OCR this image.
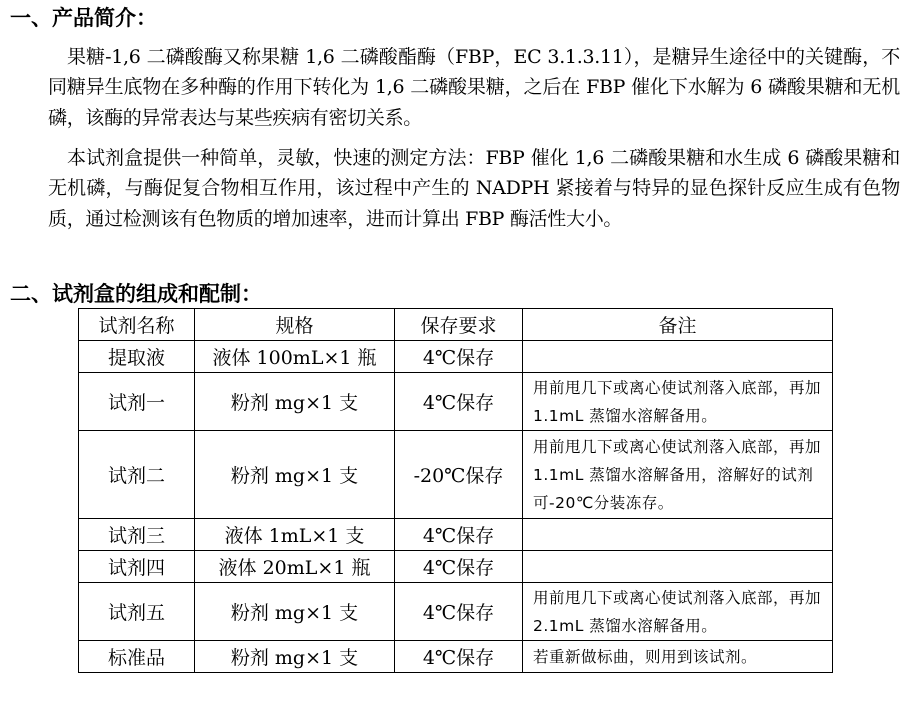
一、产品简介：
果糖-1,6 二磷酸酶又称果糖 1,6 二磷酸酯酶（FBP，EC 3.1.3.11），是糖异生途径中的关键酶，不同糖异生底物在多种酶的作用下转化为 1,6 二磷酸果糖，之后在 FBP 催化下水解为 6 磷酸果糖和无机磷，该酶的异常表达与某些疾病有密切关系。
本试剂盒提供一种简单，灵敏，快速的测定方法：FBP 催化 1,6 二磷酸果糖和水生成 6 磷酸果糖和无机磷，与酶促复合物相互作用，该过程中产生的 NADPH 紧接着与特异的显色探针反应生成有色物质，通过检测该有色物质的增加速率，进而计算出 FBP 酶活性大小。
二、试剂盒的组成和配制：
试剂名称	规格	保存要求	备注
提取液	液体 100mL×1 瓶	4℃保存	
试剂一	粉剂 mg×1 支	4℃保存	用前甩几下或离心使试剂落入底部，再加 1.1mL 蒸馏水溶解备用。
试剂二	粉剂 mg×1 支	-20℃保存	用前甩几下或离心使试剂落入底部，再加 1.1mL 蒸馏水溶解备用，溶解好的试剂可-20℃分装冻存。
试剂三	液体 1mL×1 支	4℃保存	
试剂四	液体 20mL×1 瓶	4℃保存	
试剂五	粉剂 mg×1 支	4℃保存	用前甩几下或离心使试剂落入底部，再加 2.1mL 蒸馏水溶解备用。
标准品	粉剂 mg×1 支	4℃保存	若重新做标曲，则用到该试剂。
